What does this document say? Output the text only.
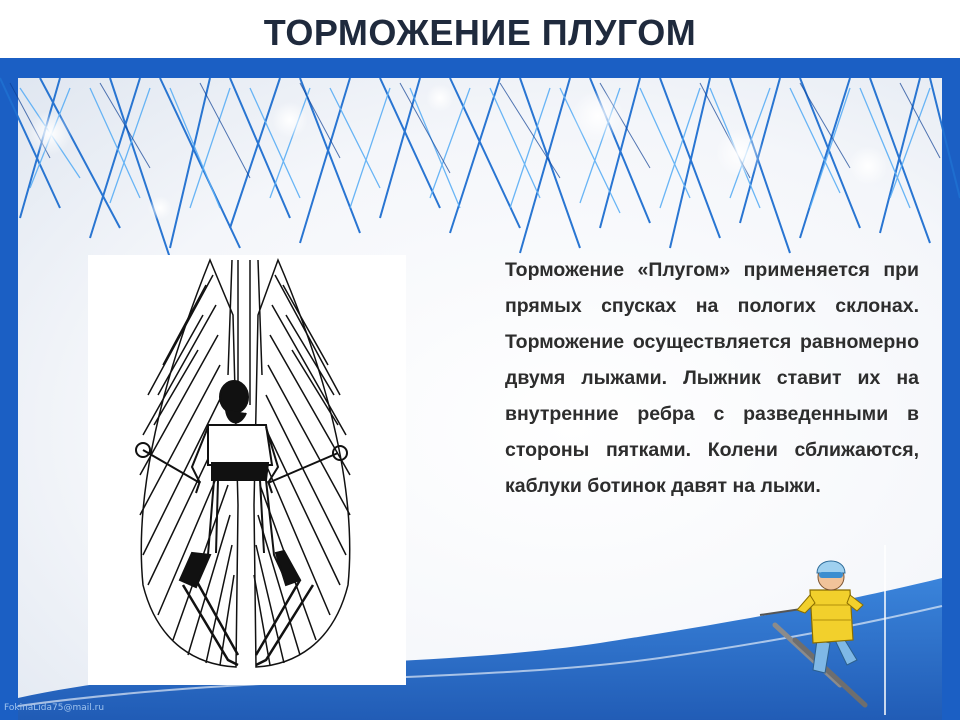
ТОРМОЖЕНИЕ ПЛУГОМ
Торможение «Плугом» применяется при прямых спусках на пологих склонах. Торможение осуществляется равномерно двумя лыжами. Лыжник ставит их на внутренние ребра с разведенными в стороны пятками. Колени сближаются, каблуки ботинок давят на лыжи.
FokinaLida75@mail.ru
